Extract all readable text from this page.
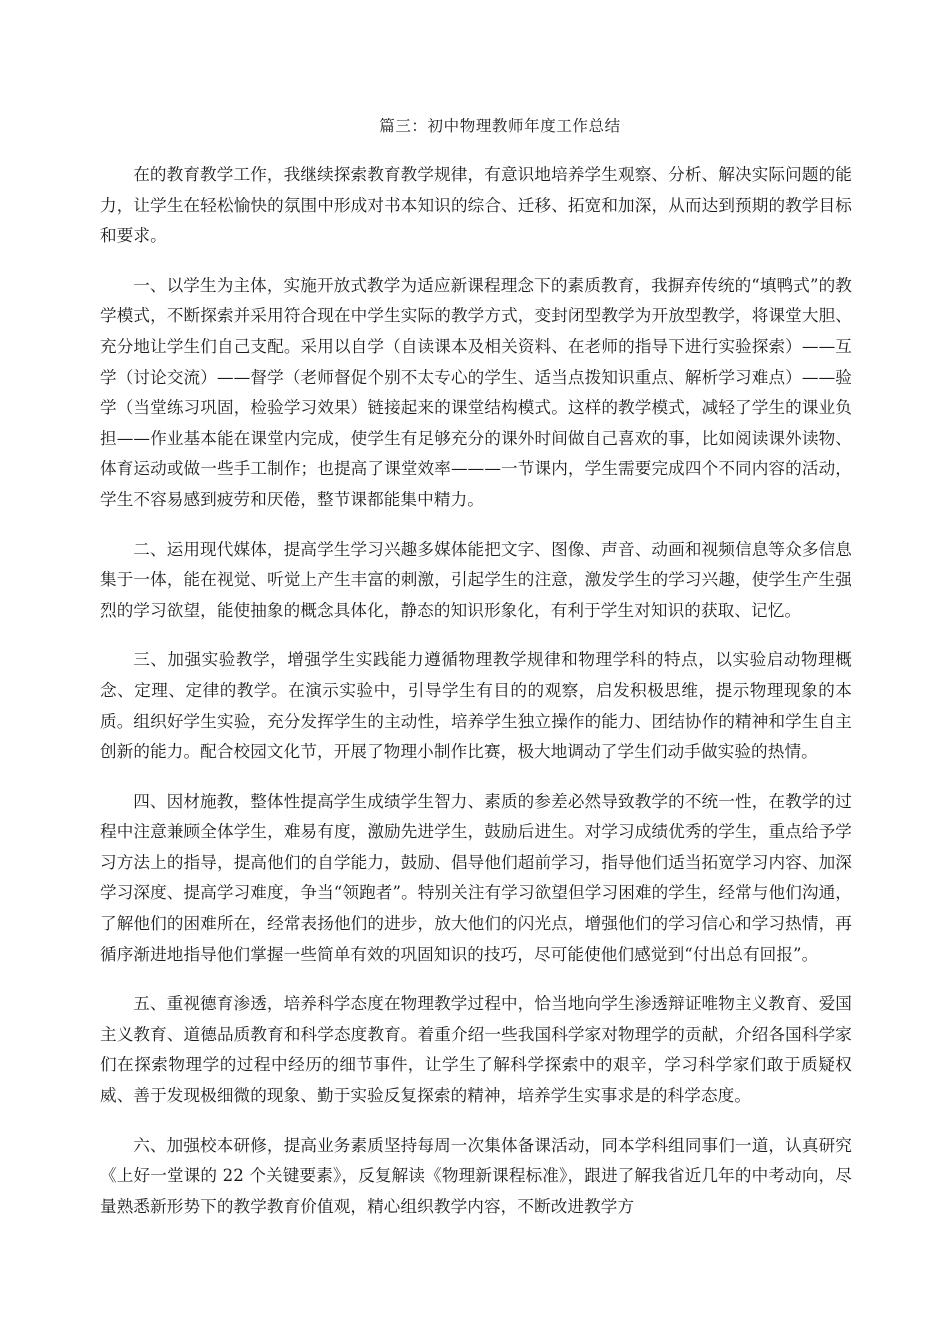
篇三：初中物理教师年度工作总结

在的教育教学工作，我继续探索教育教学规律，有意识地培养学生观察、分析、解决实际问题的能力，让学生在轻松愉快的氛围中形成对书本知识的综合、迁移、拓宽和加深，从而达到预期的教学目标和要求。

一、以学生为主体，实施开放式教学为适应新课程理念下的素质教育，我摒弃传统的“填鸭式”的教学模式，不断探索并采用符合现在中学生实际的教学方式，变封闭型教学为开放型教学，将课堂大胆、充分地让学生们自己支配。采用以自学（自读课本及相关资料、在老师的指导下进行实验探索）——互学（讨论交流）——督学（老师督促个别不太专心的学生、适当点拨知识重点、解析学习难点）——验学（当堂练习巩固，检验学习效果）链接起来的课堂结构模式。这样的教学模式，减轻了学生的课业负担——作业基本能在课堂内完成，使学生有足够充分的课外时间做自己喜欢的事，比如阅读课外读物、体育运动或做一些手工制作；也提高了课堂效率———一节课内，学生需要完成四个不同内容的活动，学生不容易感到疲劳和厌倦，整节课都能集中精力。

二、运用现代媒体，提高学生学习兴趣多媒体能把文字、图像、声音、动画和视频信息等众多信息集于一体，能在视觉、听觉上产生丰富的刺激，引起学生的注意，激发学生的学习兴趣，使学生产生强烈的学习欲望，能使抽象的概念具体化，静态的知识形象化，有利于学生对知识的获取、记忆。

三、加强实验教学，增强学生实践能力遵循物理教学规律和物理学科的特点，以实验启动物理概念、定理、定律的教学。在演示实验中，引导学生有目的的观察，启发积极思维，提示物理现象的本质。组织好学生实验，充分发挥学生的主动性，培养学生独立操作的能力、团结协作的精神和学生自主创新的能力。配合校园文化节，开展了物理小制作比赛，极大地调动了学生们动手做实验的热情。

四、因材施教，整体性提高学生成绩学生智力、素质的参差必然导致教学的不统一性，在教学的过程中注意兼顾全体学生，难易有度，激励先进学生，鼓励后进生。对学习成绩优秀的学生，重点给予学习方法上的指导，提高他们的自学能力，鼓励、倡导他们超前学习，指导他们适当拓宽学习内容、加深学习深度、提高学习难度，争当“领跑者”。特别关注有学习欲望但学习困难的学生，经常与他们沟通，了解他们的困难所在，经常表扬他们的进步，放大他们的闪光点，增强他们的学习信心和学习热情，再循序渐进地指导他们掌握一些简单有效的巩固知识的技巧，尽可能使他们感觉到“付出总有回报”。

五、重视德育渗透，培养科学态度在物理教学过程中，恰当地向学生渗透辩证唯物主义教育、爱国主义教育、道德品质教育和科学态度教育。着重介绍一些我国科学家对物理学的贡献，介绍各国科学家们在探索物理学的过程中经历的细节事件，让学生了解科学探索中的艰辛，学习科学家们敢于质疑权威、善于发现极细微的现象、勤于实验反复探索的精神，培养学生实事求是的科学态度。

六、加强校本研修，提高业务素质坚持每周一次集体备课活动，同本学科组同事们一道，认真研究《上好一堂课的 22 个关键要素》，反复解读《物理新课程标准》，跟进了解我省近几年的中考动向，尽量熟悉新形势下的教学教育价值观，精心组织教学内容，不断改进教学方
